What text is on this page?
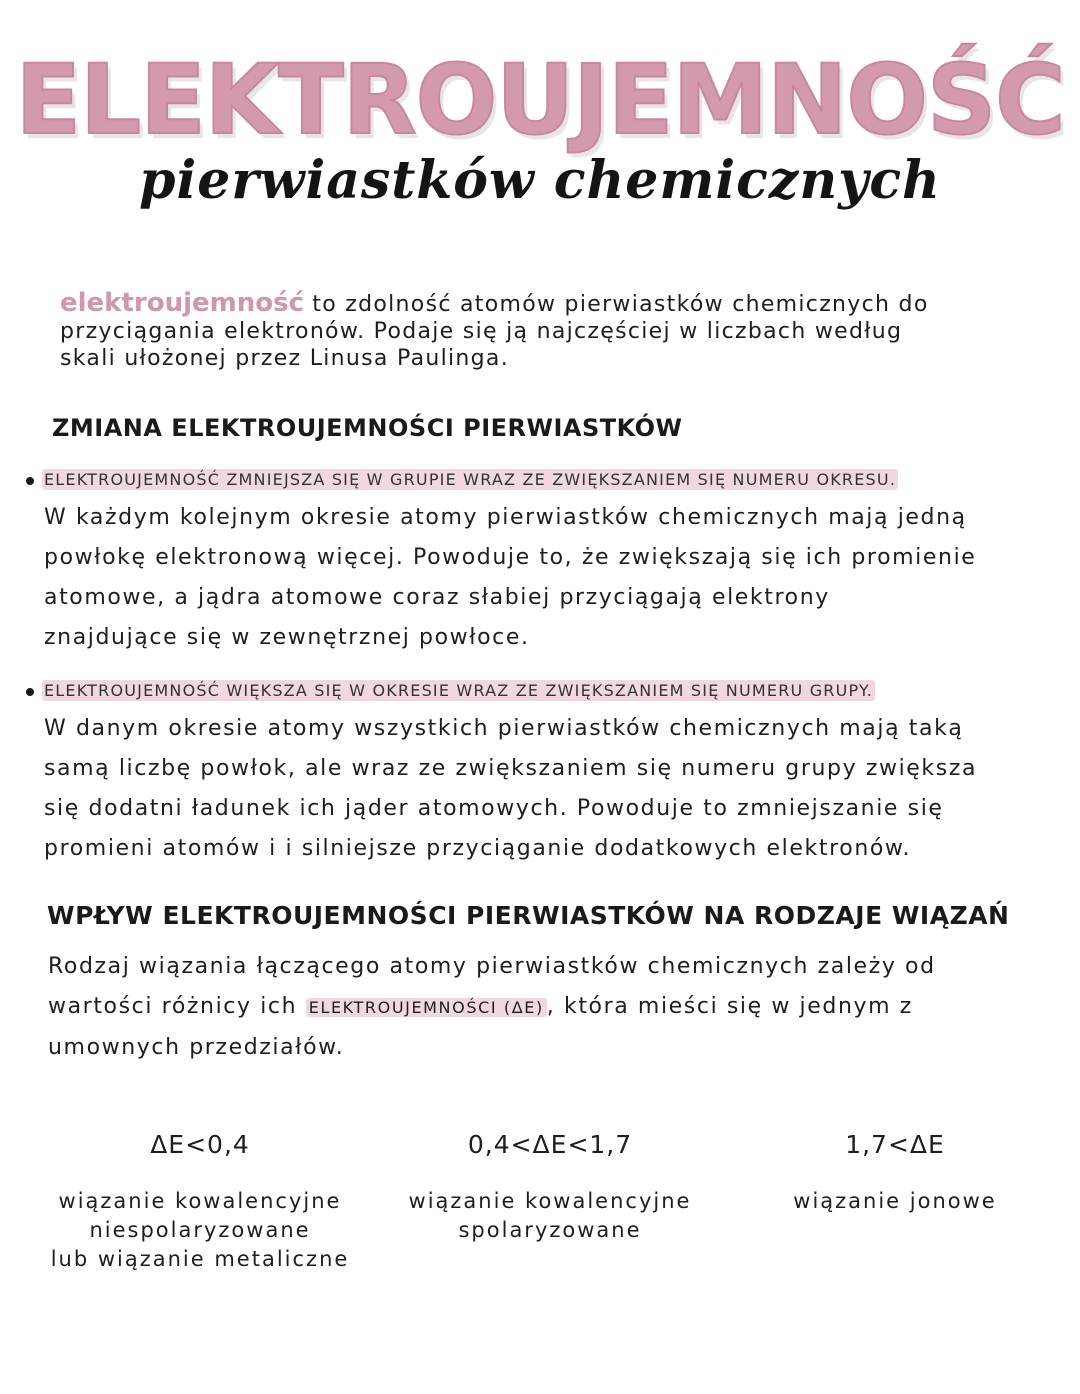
ELEKTROUJEMNOŚĆ
pierwiastków chemicznych
elektroujemność to zdolność atomów pierwiastków chemicznych do
przyciągania elektronów. Podaje się ją najczęściej w liczbach według
skali ułożonej przez Linusa Paulinga.
ZMIANA ELEKTROUJEMNOŚCI PIERWIASTKÓW
ELEKTROUJEMNOŚĆ ZMNIEJSZA SIĘ W GRUPIE WRAZ ZE ZWIĘKSZANIEM SIĘ NUMERU OKRESU.
W każdym kolejnym okresie atomy pierwiastków chemicznych mają jedną
powłokę elektronową więcej. Powoduje to, że zwiększają się ich promienie
atomowe, a jądra atomowe coraz słabiej przyciągają elektrony
znajdujące się w zewnętrznej powłoce.
ELEKTROUJEMNOŚĆ WIĘKSZA SIĘ W OKRESIE WRAZ ZE ZWIĘKSZANIEM SIĘ NUMERU GRUPY.
W danym okresie atomy wszystkich pierwiastków chemicznych mają taką
samą liczbę powłok, ale wraz ze zwiększaniem się numeru grupy zwiększa
się dodatni ładunek ich jąder atomowych. Powoduje to zmniejszanie się
promieni atomów i i silniejsze przyciąganie dodatkowych elektronów.
WPŁYW ELEKTROUJEMNOŚCI PIERWIASTKÓW NA RODZAJE WIĄZAŃ
Rodzaj wiązania łączącego atomy pierwiastków chemicznych zależy od
wartości różnicy ich ELEKTROUJEMNOŚCI (ΔE) , która mieści się w jednym z
umownych przedziałów.
ΔE<0,4
wiązanie kowalencyjne
niespolaryzowane
lub wiązanie metaliczne
0,4<ΔE<1,7
wiązanie kowalencyjne
spolaryzowane
1,7<ΔE
wiązanie jonowe
